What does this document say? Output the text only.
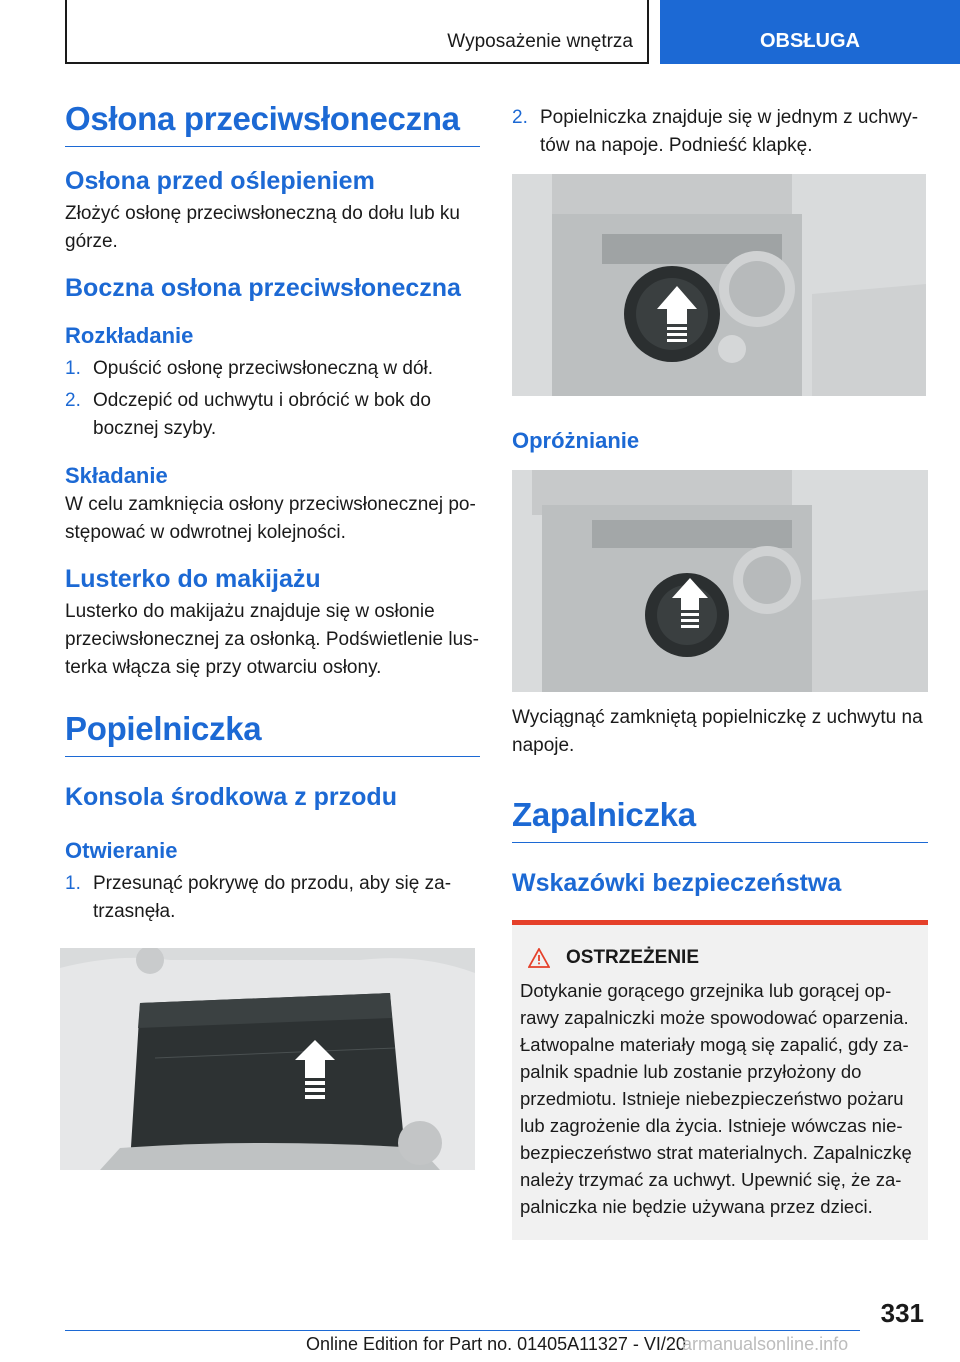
Wyposażenie wnętrza	OBSŁUGA
Osłona przeciwsłoneczna
Osłona przed oślepieniem

Złożyć osłonę przeciwsłoneczną do dołu lub ku górze.

Boczna osłona przeciwsłoneczna
Rozkładanie
1. Opuścić osłonę przeciwsłoneczną w dół.
2. Odczepić od uchwytu i obrócić w bok do bocznej szyby.
Składanie

W celu zamknięcia osłony przeciwsłonecznej postępować w odwrotnej kolejności.

Lusterko do makijażu

Lusterko do makijażu znajduje się w osłonie przeciwsłonecznej za osłonką. Podświetlenie lusterka włącza się przy otwarciu osłony.

Popielniczka
Konsola środkowa z przodu
Otwieranie
1. Przesunąć pokrywę do przodu, aby się zatrzasnęła.
2. Popielniczka znajduje się w jednym z uchwytów na napoje. Podnieść klapkę.
Opróżnianie

Wyciągnąć zamkniętą popielniczkę z uchwytu na napoje.

Zapalniczka
Wskazówki bezpieczeństwa
OSTRZEŻENIE

Dotykanie gorącego grzejnika lub gorącej oprawy zapalniczki może spowodować oparzenia. Łatwopalne materiały mogą się zapalić, gdy zapalnik spadnie lub zostanie przyłożony do przedmiotu. Istnieje niebezpieczeństwo pożaru lub zagrożenie dla życia. Istnieje wówczas niebezpieczeństwo strat materialnych. Zapalniczkę należy trzymać za uchwyt. Upewnić się, że zapalniczka nie będzie używana przez dzieci.

331
Online Edition for Part no. 01405A11327 - VI/20
armanualsonline.info
